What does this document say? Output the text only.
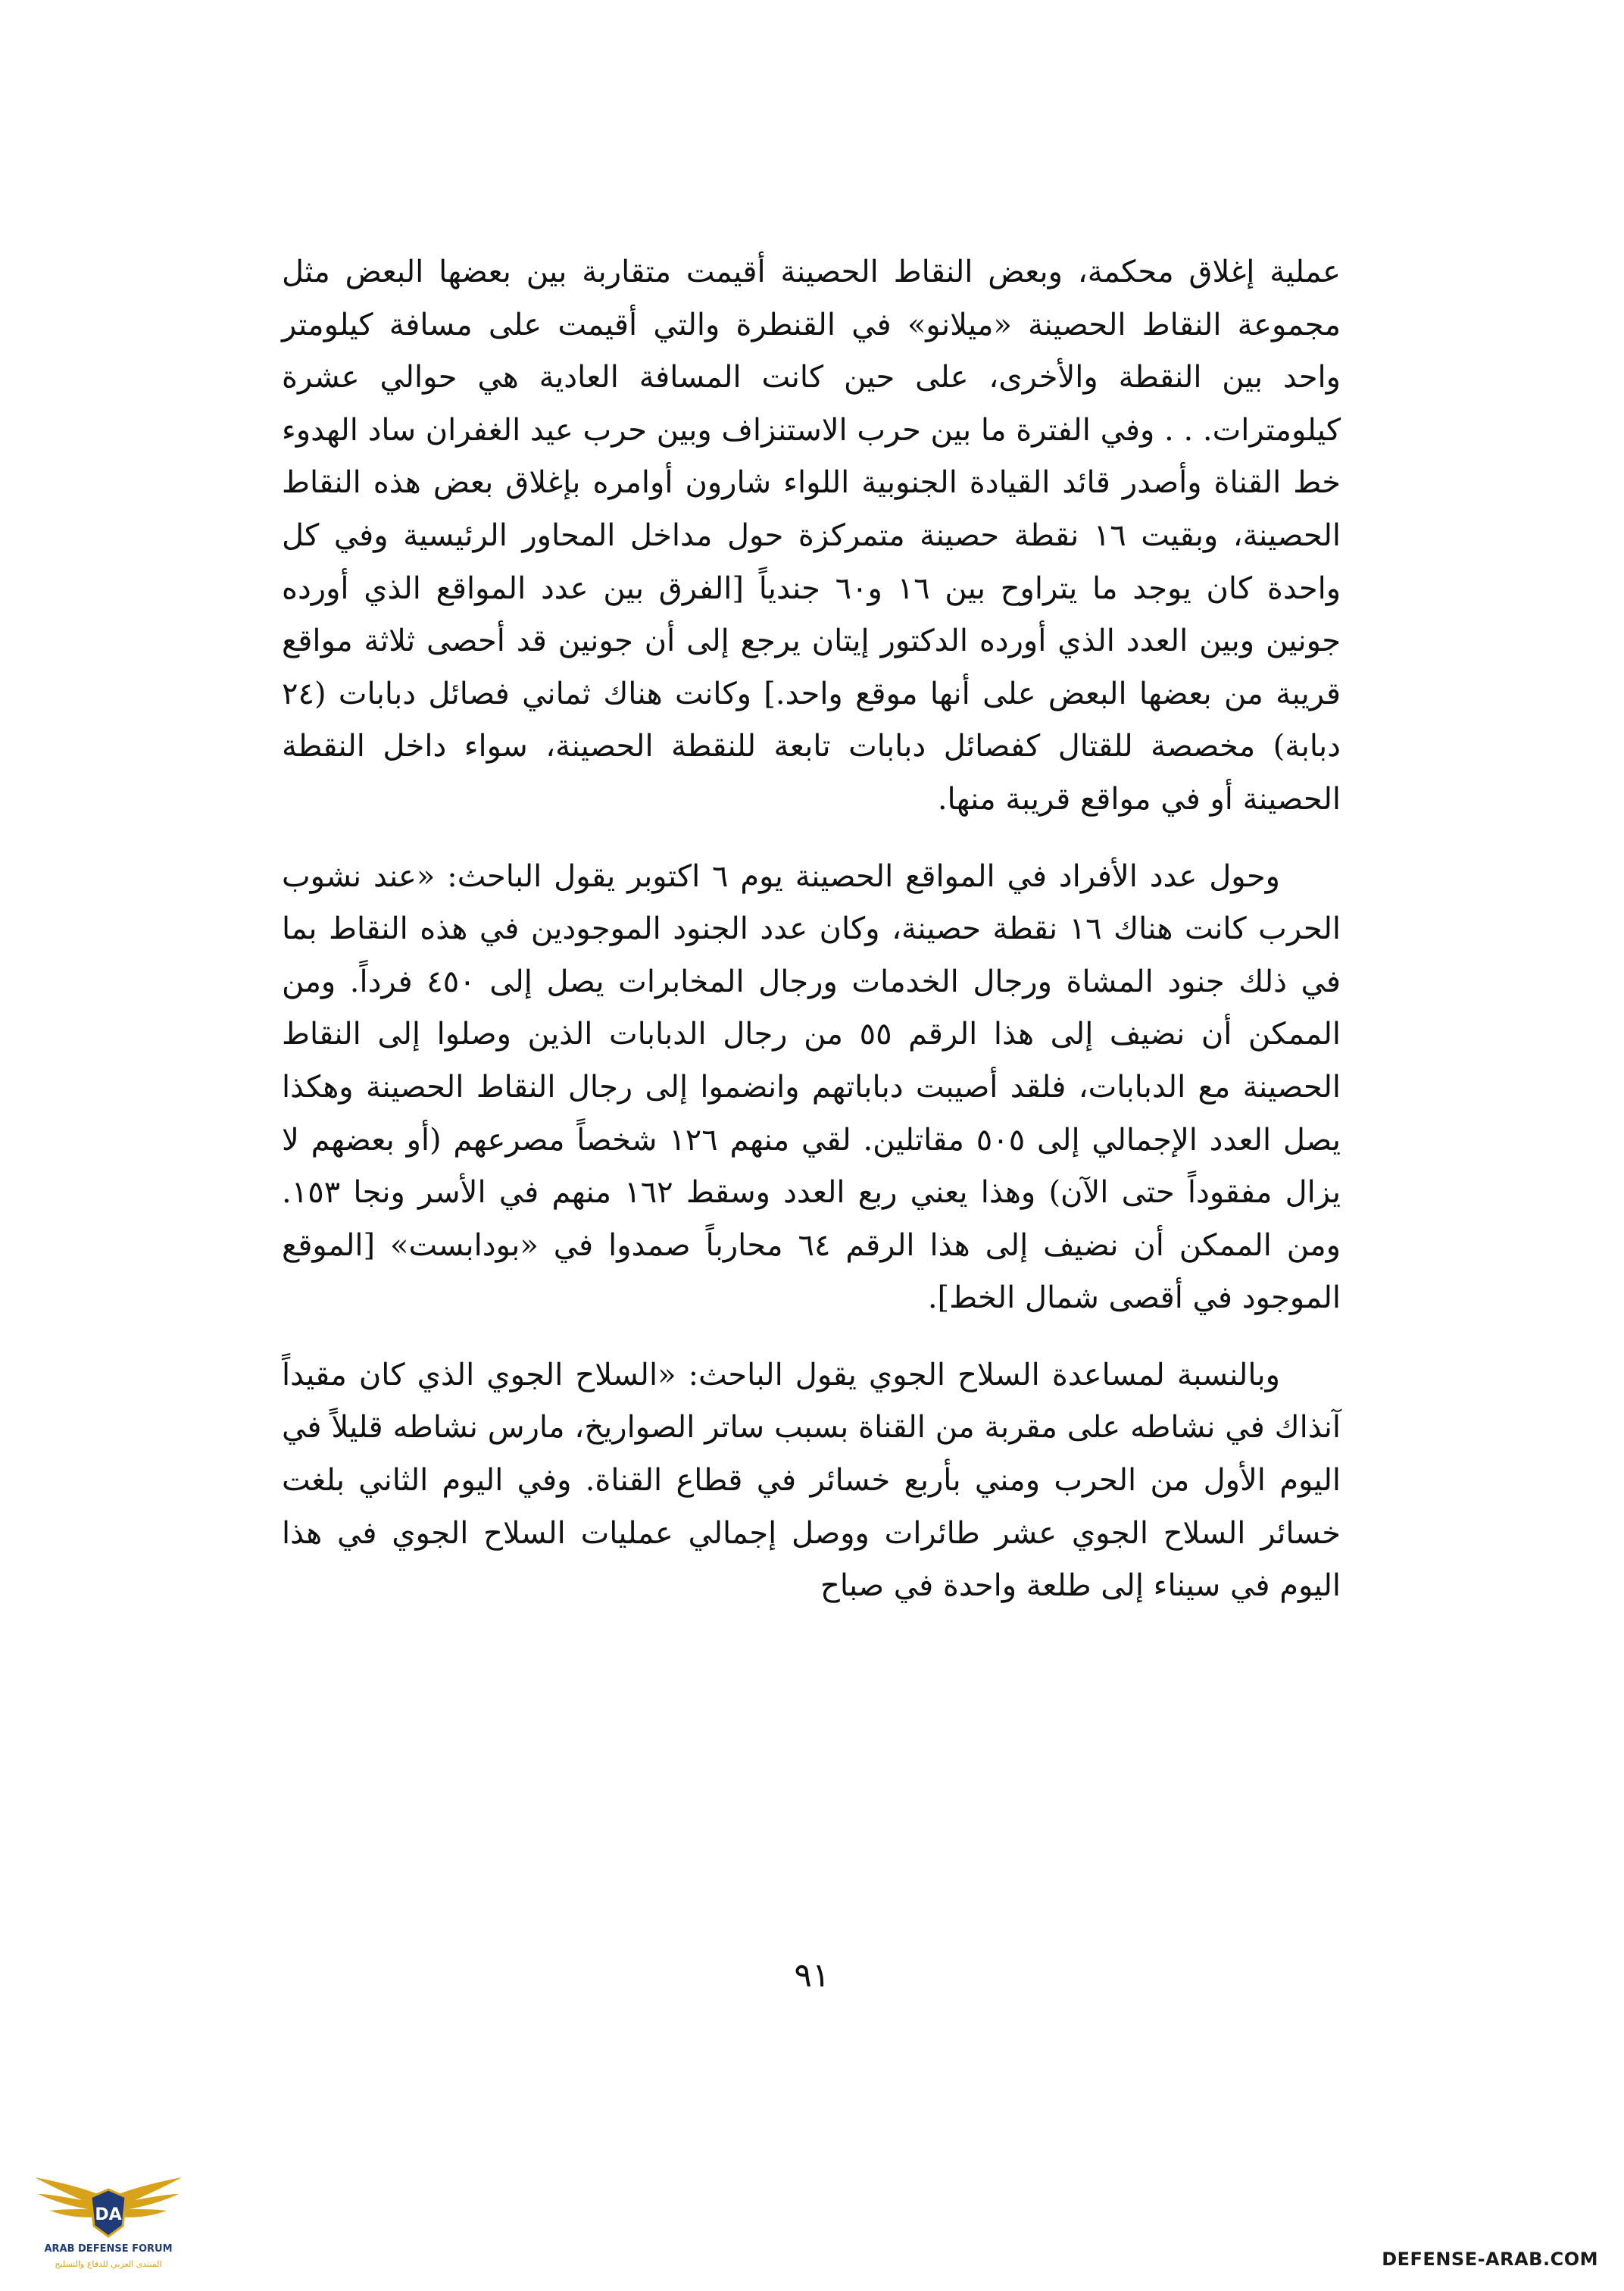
عملية إغلاق محكمة، وبعض النقاط الحصينة أقيمت متقاربة بين بعضها البعض مثل مجموعة النقاط الحصينة «ميلانو» في القنطرة والتي أقيمت على مسافة كيلومتر واحد بين النقطة والأخرى، على حين كانت المسافة العادية هي حوالي عشرة كيلومترات. . . وفي الفترة ما بين حرب الاستنزاف وبين حرب عيد الغفران ساد الهدوء خط القناة وأصدر قائد القيادة الجنوبية اللواء شارون أوامره بإغلاق بعض هذه النقاط الحصينة، وبقيت ١٦ نقطة حصينة متمركزة حول مداخل المحاور الرئيسية وفي كل واحدة كان يوجد ما يتراوح بين ١٦ و٦٠ جندياً [الفرق بين عدد المواقع الذي أورده جونين وبين العدد الذي أورده الدكتور إيتان يرجع إلى أن جونين قد أحصى ثلاثة مواقع قريبة من بعضها البعض على أنها موقع واحد.] وكانت هناك ثماني فصائل دبابات (٢٤ دبابة) مخصصة للقتال كفصائل دبابات تابعة للنقطة الحصينة، سواء داخل النقطة الحصينة أو في مواقع قريبة منها.

وحول عدد الأفراد في المواقع الحصينة يوم ٦ اكتوبر يقول الباحث: «عند نشوب الحرب كانت هناك ١٦ نقطة حصينة، وكان عدد الجنود الموجودين في هذه النقاط بما في ذلك جنود المشاة ورجال الخدمات ورجال المخابرات يصل إلى ٤٥٠ فرداً. ومن الممكن أن نضيف إلى هذا الرقم ٥٥ من رجال الدبابات الذين وصلوا إلى النقاط الحصينة مع الدبابات، فلقد أصيبت دباباتهم وانضموا إلى رجال النقاط الحصينة وهكذا يصل العدد الإجمالي إلى ٥٠٥ مقاتلين. لقي منهم ١٢٦ شخصاً مصرعهم (أو بعضهم لا يزال مفقوداً حتى الآن) وهذا يعني ربع العدد وسقط ١٦٢ منهم في الأسر ونجا ١٥٣. ومن الممكن أن نضيف إلى هذا الرقم ٦٤ محارباً صمدوا في «بودابست» [الموقع الموجود في أقصى شمال الخط].

وبالنسبة لمساعدة السلاح الجوي يقول الباحث: «السلاح الجوي الذي كان مقيداً آنذاك في نشاطه على مقربة من القناة بسبب ساتر الصواريخ، مارس نشاطه قليلاً في اليوم الأول من الحرب ومني بأربع خسائر في قطاع القناة. وفي اليوم الثاني بلغت خسائر السلاح الجوي عشر طائرات ووصل إجمالي عمليات السلاح الجوي في هذا اليوم في سيناء إلى طلعة واحدة في صباح

٩١
DA
ARAB DEFENSE FORUM
المنتدى العربي للدفاع والتسليح	DEFENSE-ARAB.COM
